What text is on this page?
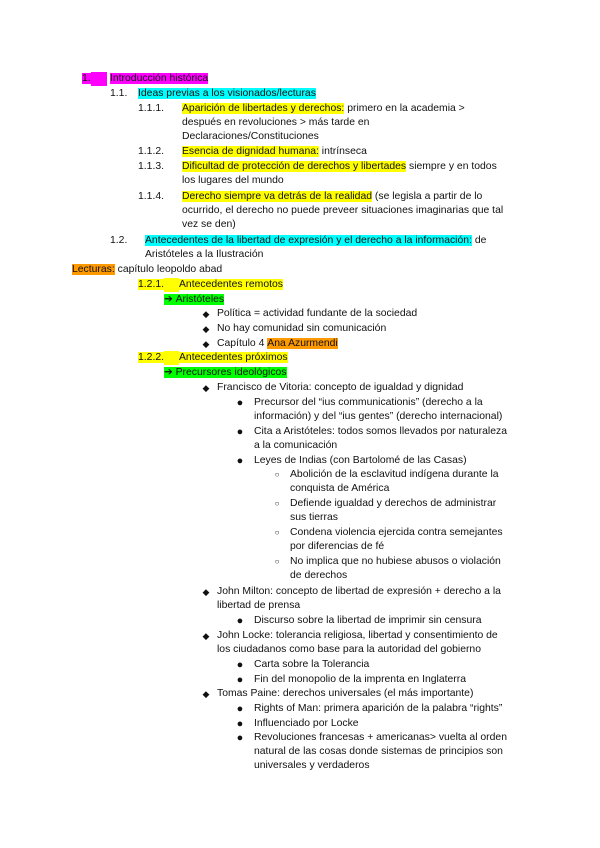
1.	Introducción histórica
1.1. Ideas previas a los visionados/lecturas
1.1.1. Aparición de libertades y derechos: primero en la academia >
después en revoluciones > más tarde en
Declaraciones/Constituciones
1.1.2. Esencia de dignidad humana: intrínseca
1.1.3. Dificultad de protección de derechos y libertades siempre y en todos
los lugares del mundo
1.1.4. Derecho siempre va detrás de la realidad (se legisla a partir de lo
ocurrido, el derecho no puede preveer situaciones imaginarias que tal
vez se den)
1.2. Antecedentes de la libertad de expresión y el derecho a la información: de
Aristóteles a la Ilustración
Lecturas: capítulo leopoldo abad
1.2.1. Antecedentes remotos
➔ Aristóteles
◆ Política = actividad fundante de la sociedad
◆ No hay comunidad sin comunicación
◆ Capítulo 4 Ana Azurmendi
1.2.2. Antecedentes próximos
➔ Precursores ideológicos
◆ Francisco de Vitoria: concepto de igualdad y dignidad
●	Precursor del “ius communicationis” (derecho a la
información) y del “ius gentes” (derecho internacional)
●	Cita a Aristóteles: todos somos llevados por naturaleza
a la comunicación
●	Leyes de Indias (con Bartolomé de las Casas)
○	Abolición de la esclavitud indígena durante la
conquista de América
○	Defiende igualdad y derechos de administrar
sus tierras
○	Condena violencia ejercida contra semejantes
por diferencias de fé
○	No implica que no hubiese abusos o violación
de derechos
◆ John Milton: concepto de libertad de expresión + derecho a la
libertad de prensa
●	Discurso sobre la libertad de imprimir sin censura
◆ John Locke: tolerancia religiosa, libertad y consentimiento de
los ciudadanos como base para la autoridad del gobierno
●	Carta sobre la Tolerancia
●	Fin del monopolio de la imprenta en Inglaterra
◆ Tomas Paine: derechos universales (el más importante)
●	Rights of Man: primera aparición de la palabra “rights”
●	Influenciado por Locke
●	Revoluciones francesas + americanas> vuelta al orden
natural de las cosas donde sistemas de principios son
universales y verdaderos
